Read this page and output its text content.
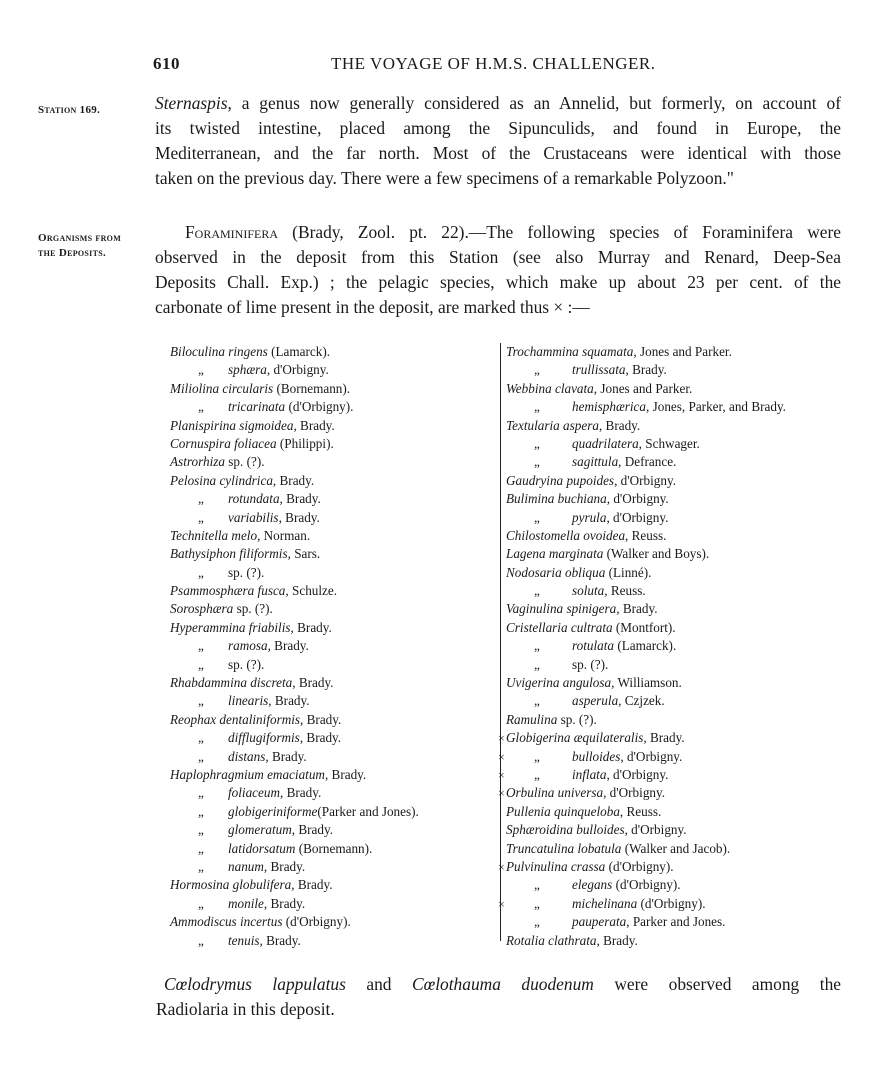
610	THE VOYAGE OF H.M.S. CHALLENGER.
Station 169.	Sternaspis, a genus now generally considered as an Annelid, but formerly, on account of
its twisted intestine, placed among the Sipunculids, and found in Europe, the
Mediterranean, and the far north. Most of the Crustaceans were identical with those
taken on the previous day. There were a few specimens of a remarkable Polyzoon."
Organisms from
the Deposits.
Foraminifera (Brady, Zool. pt. 22).—The following species of Foraminifera were
observed in the deposit from this Station (see also Murray and Renard, Deep-Sea
Deposits Chall. Exp.) ; the pelagic species, which make up about 23 per cent. of the
carbonate of lime present in the deposit, are marked thus × :—
Biloculina ringens (Lamarck).
„ sphæra, d'Orbigny.
Miliolina circularis (Bornemann).
„ tricarinata (d'Orbigny).
Planispirina sigmoidea, Brady.
Cornuspira foliacea (Philippi).
Astrorhiza sp. (?).
Pelosina cylindrica, Brady.
„ rotundata, Brady.
„ variabilis, Brady.
Technitella melo, Norman.
Bathysiphon filiformis, Sars.
„ sp. (?).
Psammosphæra fusca, Schulze.
Sorosphæra sp. (?).
Hyperammina friabilis, Brady.
„ ramosa, Brady.
„ sp. (?).
Rhabdammina discreta, Brady.
„ linearis, Brady.
Reophax dentaliniformis, Brady.
„ difflugiformis, Brady.
„ distans, Brady.
Haplophragmium emaciatum, Brady.
„ foliaceum, Brady.
„ globigeriniforme(Parker and Jones).
„ glomeratum, Brady.
„ latidorsatum (Bornemann).
„ nanum, Brady.
Hormosina globulifera, Brady.
„ monile, Brady.
Ammodiscus incertus (d'Orbigny).
„ tenuis, Brady.
Trochammina squamata, Jones and Parker.
„ trullissata, Brady.
Webbina clavata, Jones and Parker.
„ hemisphærica, Jones, Parker, and Brady.
Textularia aspera, Brady.
„ quadrilatera, Schwager.
„ sagittula, Defrance.
Gaudryina pupoides, d'Orbigny.
Bulimina buchiana, d'Orbigny.
„ pyrula, d'Orbigny.
Chilostomella ovoidea, Reuss.
Lagena marginata (Walker and Boys).
Nodosaria obliqua (Linné).
„ soluta, Reuss.
Vaginulina spinigera, Brady.
Cristellaria cultrata (Montfort).
„ rotulata (Lamarck).
„ sp. (?).
Uvigerina angulosa, Williamson.
„ asperula, Czjzek.
Ramulina sp. (?).
× Globigerina æquilateralis, Brady.
× „ bulloides, d'Orbigny.
× „ inflata, d'Orbigny.
× Orbulina universa, d'Orbigny.
Pullenia quinqueloba, Reuss.
Sphæroidina bulloides, d'Orbigny.
Truncatulina lobatula (Walker and Jacob).
× Pulvinulina crassa (d'Orbigny).
„ elegans (d'Orbigny).
× „ michelinana (d'Orbigny).
„ pauperata, Parker and Jones.
Rotalia clathrata, Brady.
Cœlodrymus lappulatus and Cœlothauma duodenum were observed among the
Radiolaria in this deposit.
